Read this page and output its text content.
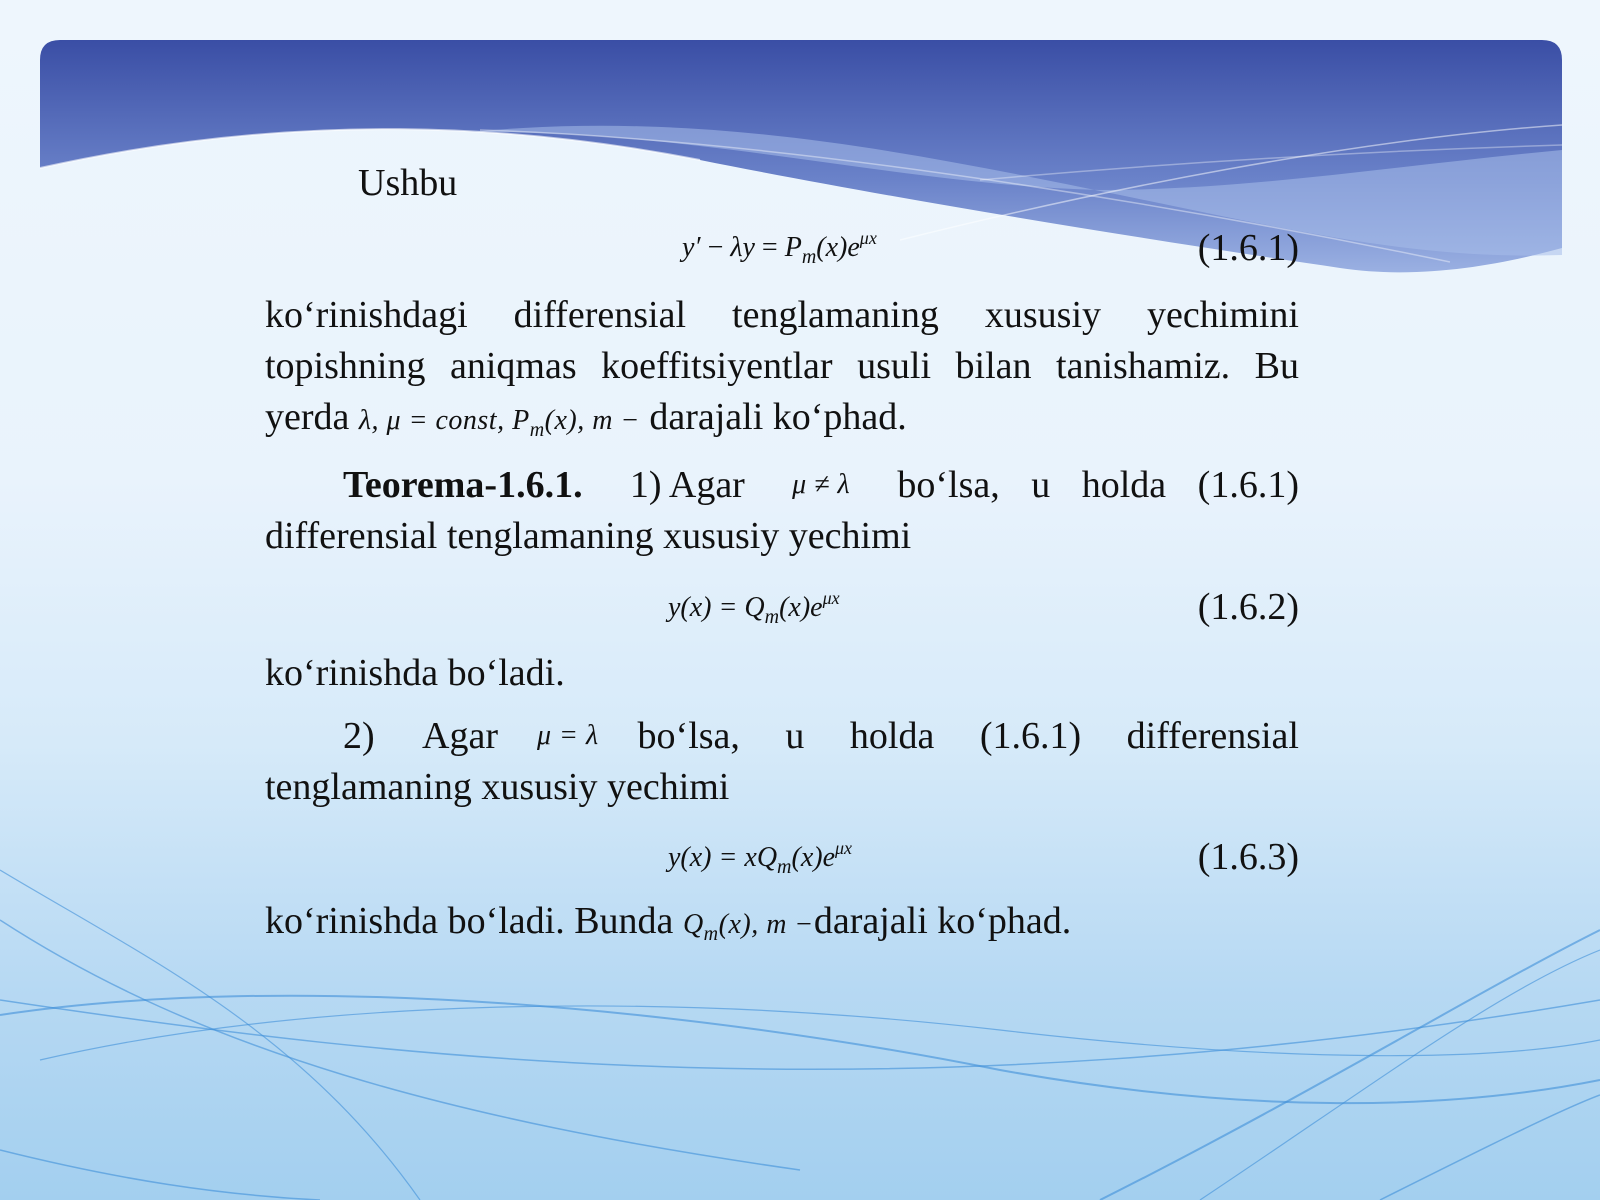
Ushbu
$y' - \lambda y = P_m(x)e^{\mu x}$	(1.6.1)
ko‘rinishdagi differensial tenglamaning xususiy yechimini
topishning aniqmas koeffitsiyentlar usuli bilan tanishamiz. Bu
yerda λ, μ = const, $P_m(x)$, m − darajali ko‘phad.
Teorema-1.6.1. 1) Agar μ ≠ λ bo‘lsa, u holda (1.6.1)
differensial tenglamaning xususiy yechimi
$y(x) = Q_m(x)e^{\mu x}$	(1.6.2)
ko‘rinishda bo‘ladi.
2) Agar μ = λ bo‘lsa, u holda (1.6.1) differensial
tenglamaning xususiy yechimi
$y(x) = xQ_m(x)e^{\mu x}$	(1.6.3)
ko‘rinishda bo‘ladi. Bunda $Q_m(x)$, m −darajali ko‘phad.
